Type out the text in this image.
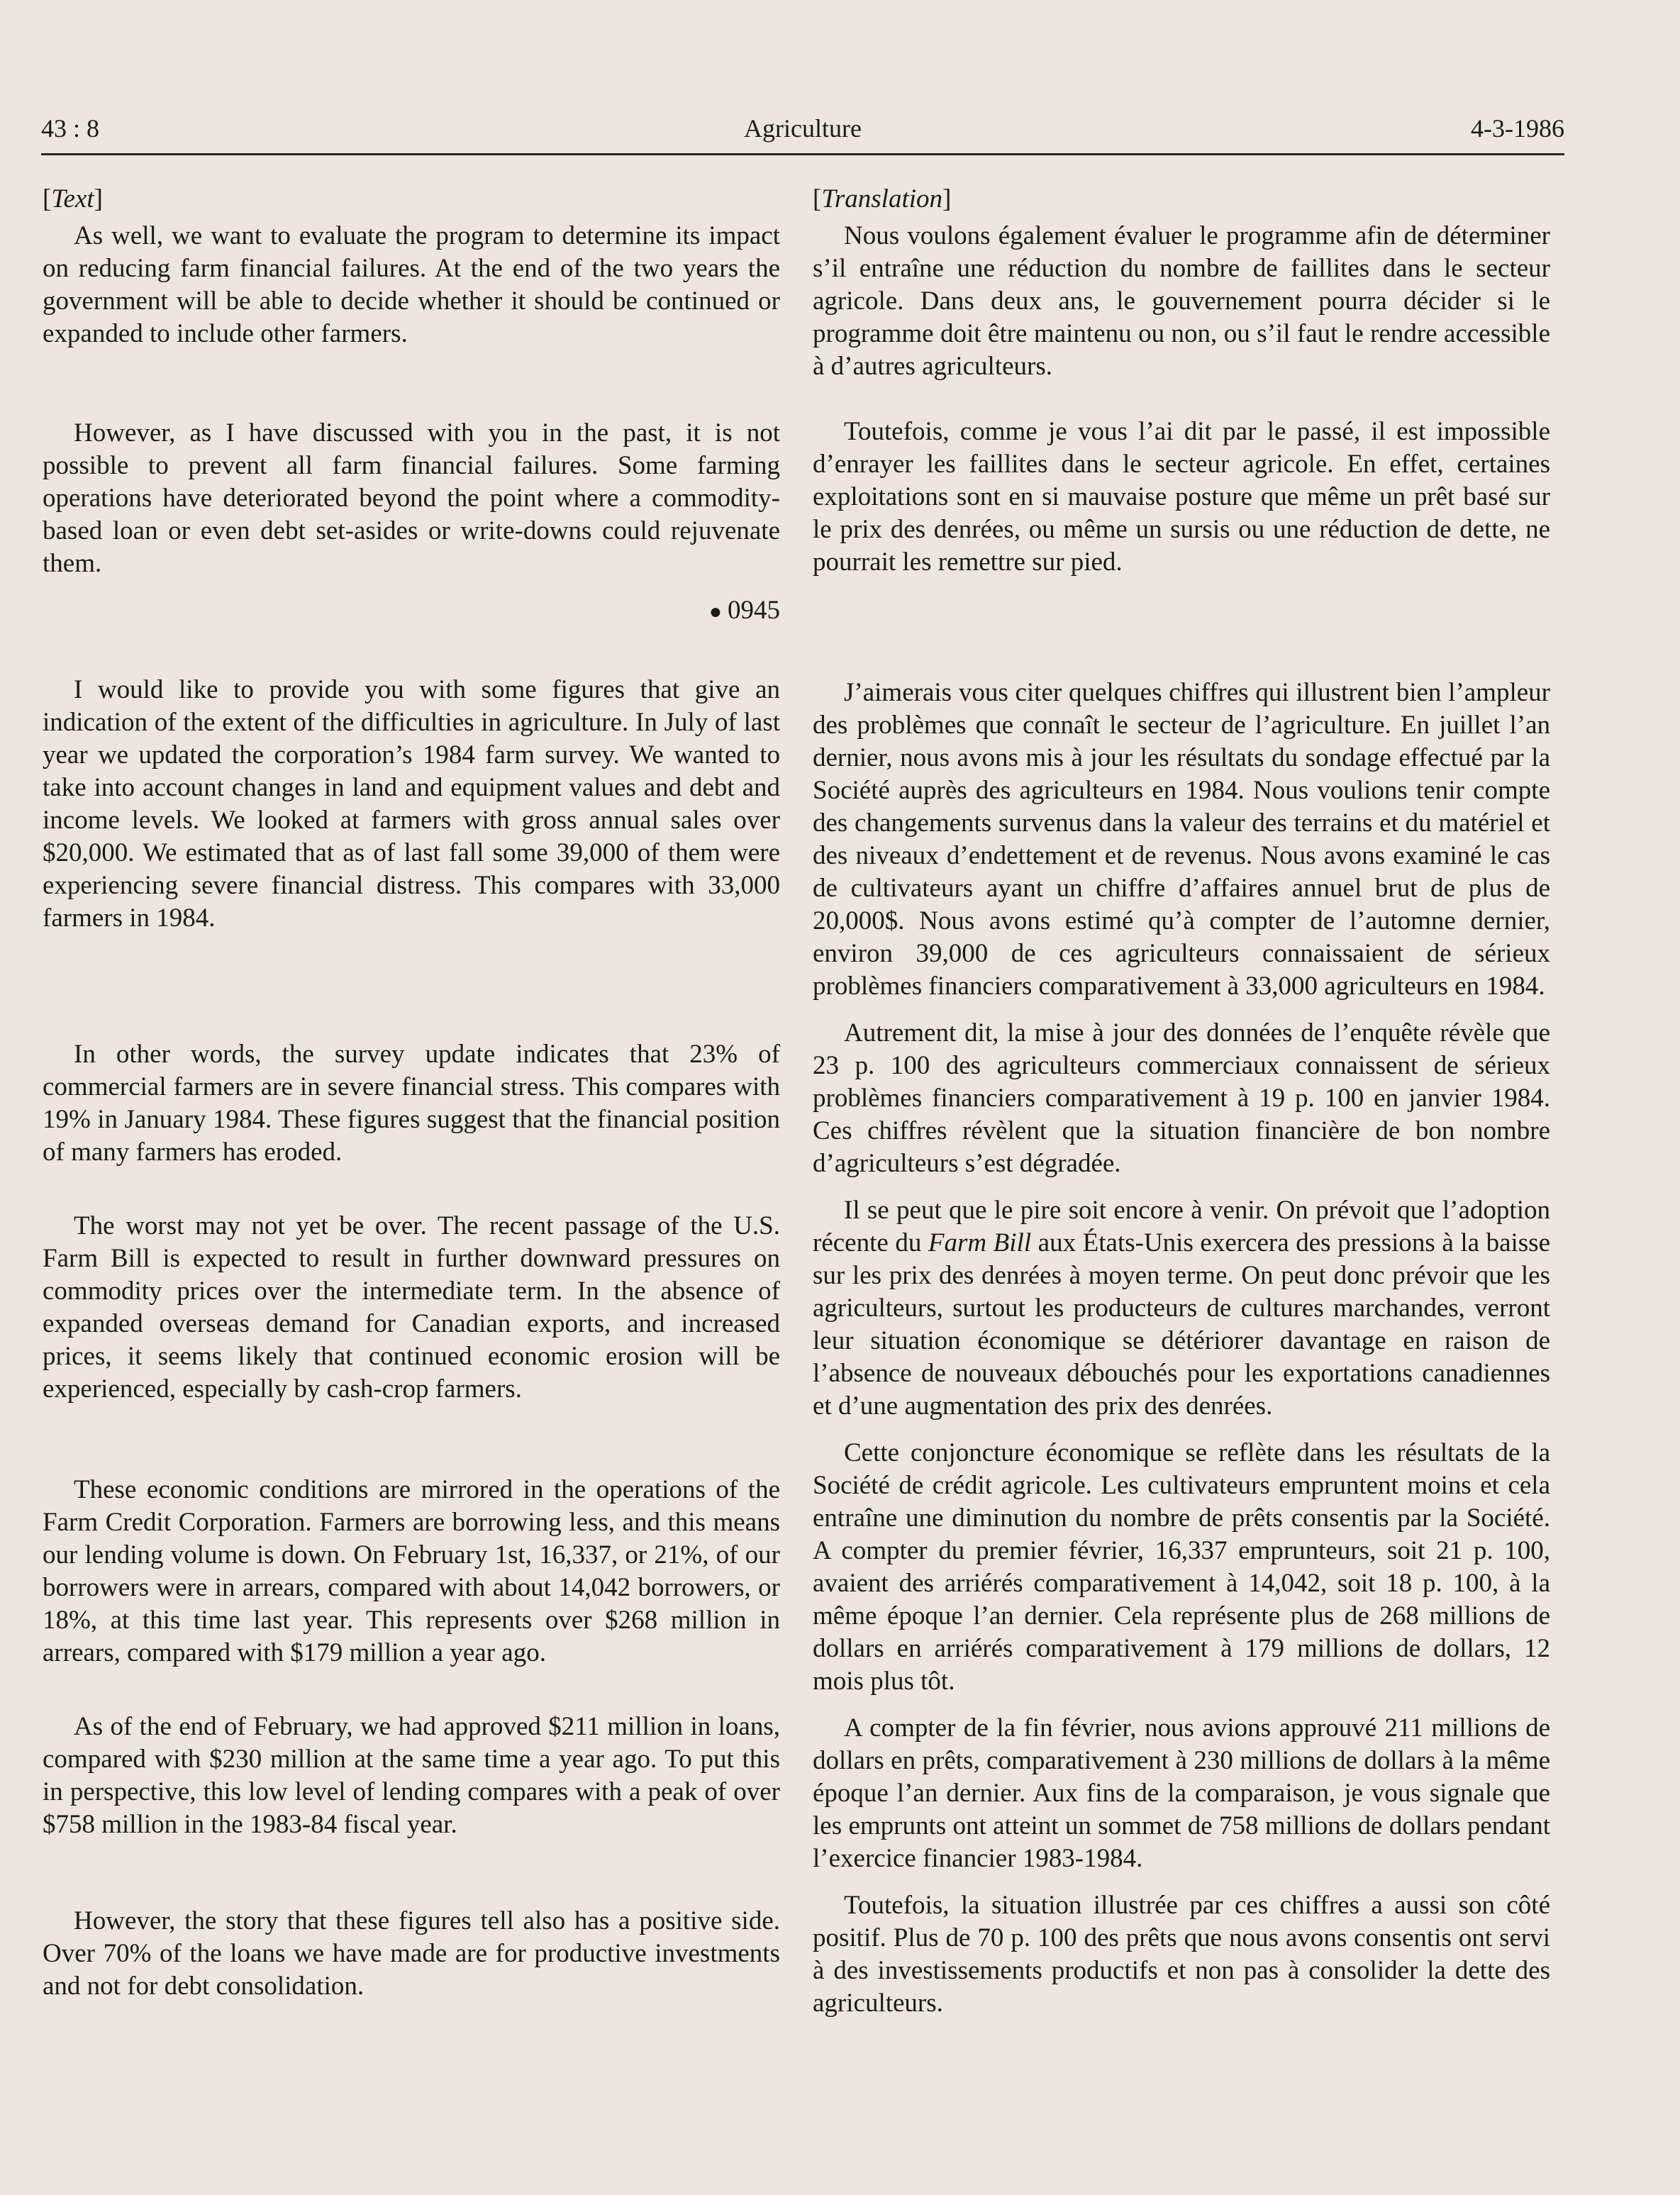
43 : 8	Agriculture	4-3-1986
[Text]

As well, we want to evaluate the program to determine its impact on reducing farm financial failures. At the end of the two years the government will be able to decide whether it should be continued or expanded to include other farmers.

However, as I have discussed with you in the past, it is not possible to prevent all farm financial failures. Some farming operations have deteriorated beyond the point where a commodity-based loan or even debt set-asides or write-downs could rejuvenate them.

● 0945

I would like to provide you with some figures that give an indication of the extent of the difficulties in agriculture. In July of last year we updated the corporation’s 1984 farm survey. We wanted to take into account changes in land and equipment values and debt and income levels. We looked at farmers with gross annual sales over $20,000. We estimated that as of last fall some 39,000 of them were experiencing severe financial distress. This compares with 33,000 farmers in 1984.

In other words, the survey update indicates that 23% of commercial farmers are in severe financial stress. This compares with 19% in January 1984. These figures suggest that the financial position of many farmers has eroded.

The worst may not yet be over. The recent passage of the U.S. Farm Bill is expected to result in further downward pressures on commodity prices over the intermediate term. In the absence of expanded overseas demand for Canadian exports, and increased prices, it seems likely that continued economic erosion will be experienced, especially by cash-crop farmers.

These economic conditions are mirrored in the operations of the Farm Credit Corporation. Farmers are borrowing less, and this means our lending volume is down. On February 1st, 16,337, or 21%, of our borrowers were in arrears, compared with about 14,042 borrowers, or 18%, at this time last year. This represents over $268 million in arrears, compared with $179 million a year ago.

As of the end of February, we had approved $211 million in loans, compared with $230 million at the same time a year ago. To put this in perspective, this low level of lending compares with a peak of over $758 million in the 1983-84 fiscal year.

However, the story that these figures tell also has a positive side. Over 70% of the loans we have made are for productive investments and not for debt consolidation.

[Translation]

Nous voulons également évaluer le programme afin de déterminer s’il entraîne une réduction du nombre de faillites dans le secteur agricole. Dans deux ans, le gouvernement pourra décider si le programme doit être maintenu ou non, ou s’il faut le rendre accessible à d’autres agriculteurs.

Toutefois, comme je vous l’ai dit par le passé, il est impossible d’enrayer les faillites dans le secteur agricole. En effet, certaines exploitations sont en si mauvaise posture que même un prêt basé sur le prix des denrées, ou même un sursis ou une réduction de dette, ne pourrait les remettre sur pied.

J’aimerais vous citer quelques chiffres qui illustrent bien l’ampleur des problèmes que connaît le secteur de l’agriculture. En juillet l’an dernier, nous avons mis à jour les résultats du sondage effectué par la Société auprès des agriculteurs en 1984. Nous voulions tenir compte des changements survenus dans la valeur des terrains et du matériel et des niveaux d’endettement et de revenus. Nous avons examiné le cas de cultivateurs ayant un chiffre d’affaires annuel brut de plus de 20,000$. Nous avons estimé qu’à compter de l’automne dernier, environ 39,000 de ces agriculteurs connaissaient de sérieux problèmes financiers comparativement à 33,000 agriculteurs en 1984.

Autrement dit, la mise à jour des données de l’enquête révèle que 23 p. 100 des agriculteurs commerciaux connaissent de sérieux problèmes financiers comparativement à 19 p. 100 en janvier 1984. Ces chiffres révèlent que la situation financière de bon nombre d’agriculteurs s’est dégradée.

Il se peut que le pire soit encore à venir. On prévoit que l’adoption récente du Farm Bill aux États-Unis exercera des pressions à la baisse sur les prix des denrées à moyen terme. On peut donc prévoir que les agriculteurs, surtout les producteurs de cultures marchandes, verront leur situation économique se détériorer davantage en raison de l’absence de nouveaux débouchés pour les exportations canadiennes et d’une augmentation des prix des denrées.

Cette conjoncture économique se reflète dans les résultats de la Société de crédit agricole. Les cultivateurs empruntent moins et cela entraîne une diminution du nombre de prêts consentis par la Société. A compter du premier février, 16,337 emprunteurs, soit 21 p. 100, avaient des arriérés comparativement à 14,042, soit 18 p. 100, à la même époque l’an dernier. Cela représente plus de 268 millions de dollars en arriérés comparativement à 179 millions de dollars, 12 mois plus tôt.

A compter de la fin février, nous avions approuvé 211 millions de dollars en prêts, comparativement à 230 millions de dollars à la même époque l’an dernier. Aux fins de la comparaison, je vous signale que les emprunts ont atteint un sommet de 758 millions de dollars pendant l’exercice financier 1983-1984.

Toutefois, la situation illustrée par ces chiffres a aussi son côté positif. Plus de 70 p. 100 des prêts que nous avons consentis ont servi à des investissements productifs et non pas à consolider la dette des agriculteurs.
